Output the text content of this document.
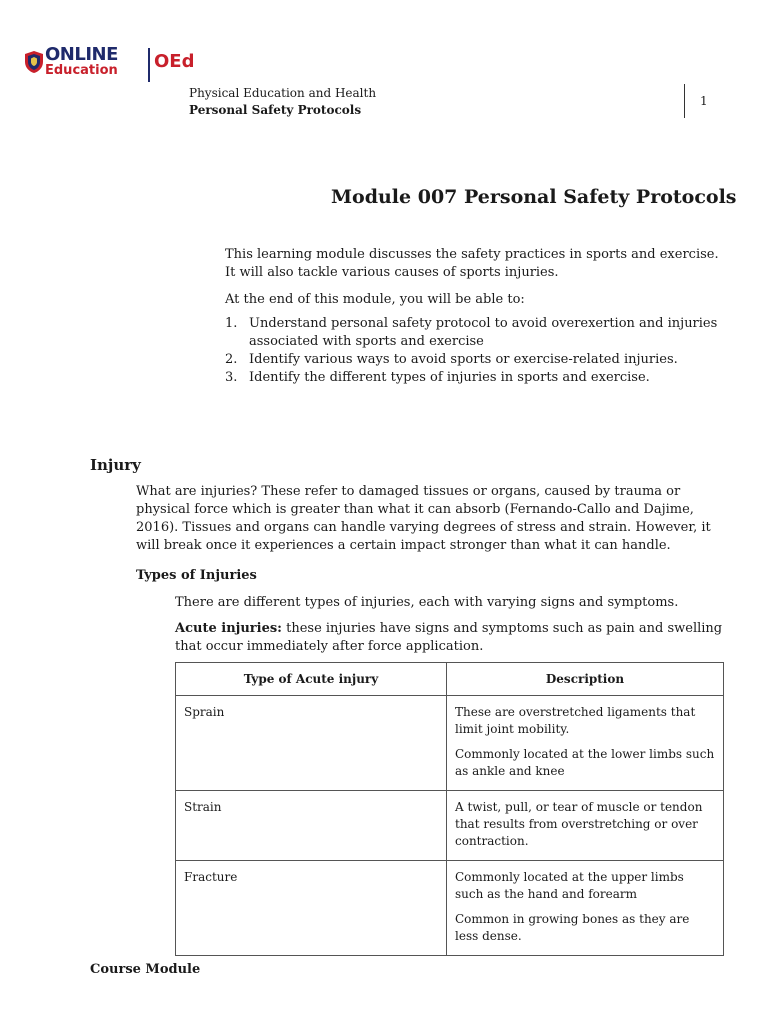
ONLINE
Education OEd
Physical Education and Health
Personal Safety Protocols
1
Module 007 Personal Safety Protocols
This learning module discusses the safety practices in sports and exercise. It will also tackle various causes of sports injuries.
At the end of this module, you will be able to:
1. Understand personal safety protocol to avoid overexertion and injuries associated with sports and exercise
2. Identify various ways to avoid sports or exercise-related injuries.
3. Identify the different types of injuries in sports and exercise.
Injury
What are injuries? These refer to damaged tissues or organs, caused by trauma or physical force which is greater than what it can absorb (Fernando-Callo and Dajime, 2016). Tissues and organs can handle varying degrees of stress and strain. However, it will break once it experiences a certain impact stronger than what it can handle.
Types of Injuries
There are different types of injuries, each with varying signs and symptoms.
Acute injuries: these injuries have signs and symptoms such as pain and swelling that occur immediately after force application.
Type of Acute injury	Description
Sprain	These are overstretched ligaments that limit joint mobility.

Commonly located at the lower limbs such as ankle and knee

Strain	A twist, pull, or tear of muscle or tendon that results from overstretching or over contraction.

Fracture	Commonly located at the upper limbs such as the hand and forearm

Common in growing bones as they are less dense.

Course Module
